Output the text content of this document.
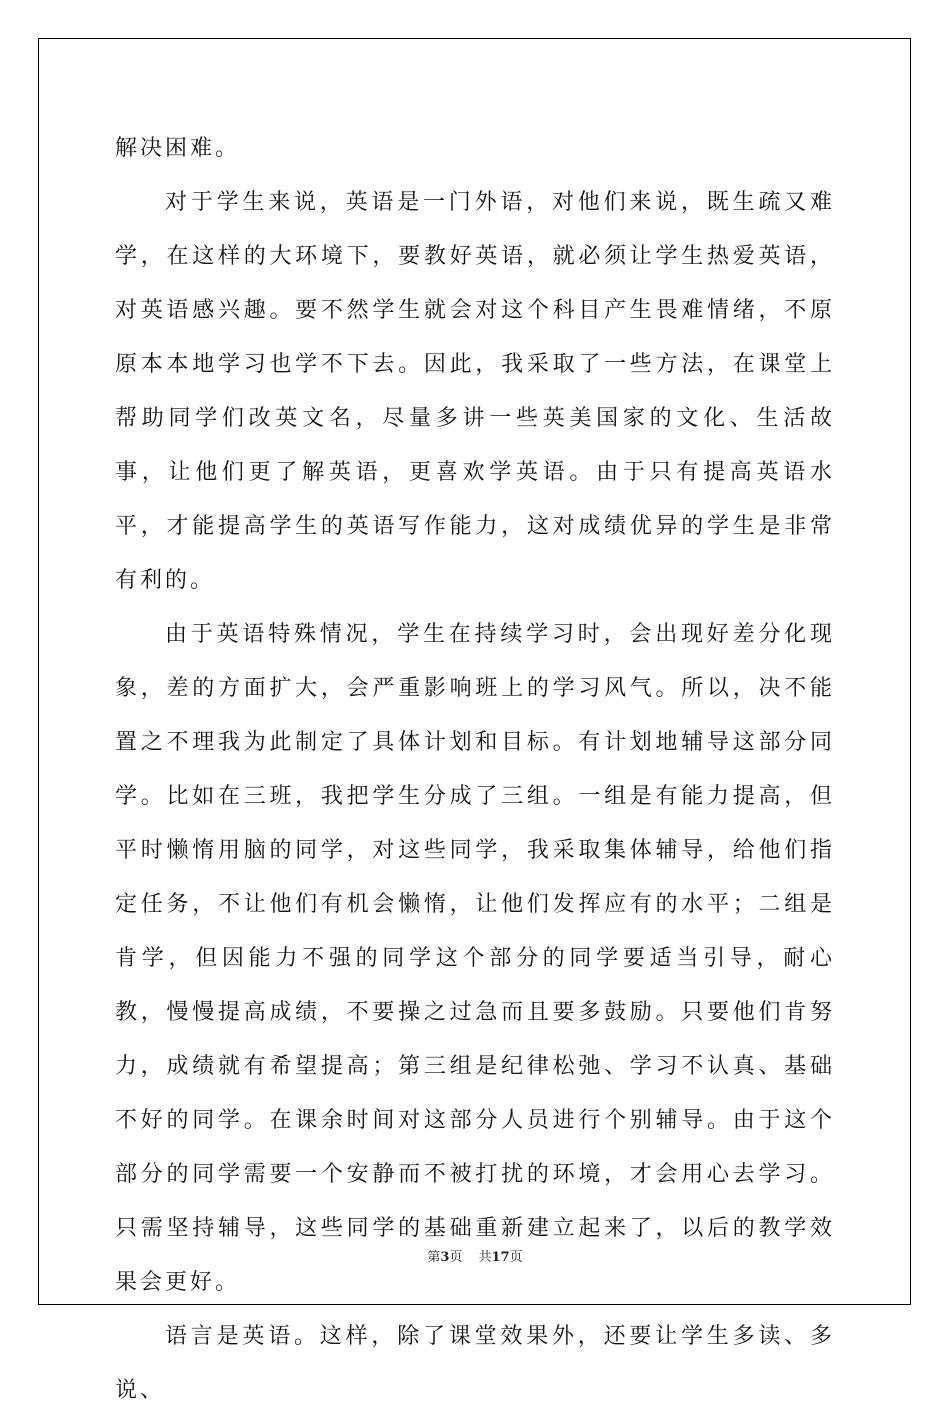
解决困难。

对于学生来说，英语是一门外语，对他们来说，既生疏又难学，在这样的大环境下，要教好英语，就必须让学生热爱英语，对英语感兴趣。要不然学生就会对这个科目产生畏难情绪，不原原本本地学习也学不下去。因此，我采取了一些方法，在课堂上帮助同学们改英文名，尽量多讲一些英美国家的文化、生活故事，让他们更了解英语，更喜欢学英语。由于只有提高英语水平，才能提高学生的英语写作能力，这对成绩优异的学生是非常有利的。

由于英语特殊情况，学生在持续学习时，会出现好差分化现象，差的方面扩大，会严重影响班上的学习风气。所以，决不能置之不理我为此制定了具体计划和目标。有计划地辅导这部分同学。比如在三班，我把学生分成了三组。一组是有能力提高，但平时懒惰用脑的同学，对这些同学，我采取集体辅导，给他们指定任务，不让他们有机会懒惰，让他们发挥应有的水平；二组是肯学，但因能力不强的同学这个部分的同学要适当引导，耐心教，慢慢提高成绩，不要操之过急而且要多鼓励。只要他们肯努力，成绩就有希望提高；第三组是纪律松弛、学习不认真、基础不好的同学。在课余时间对这部分人员进行个别辅导。由于这个部分的同学需要一个安静而不被打扰的环境，才会用心去学习。只需坚持辅导，这些同学的基础重新建立起来了，以后的教学效果会更好。

语言是英语。这样，除了课堂效果外，还要让学生多读、多说、

第3页 共17页
